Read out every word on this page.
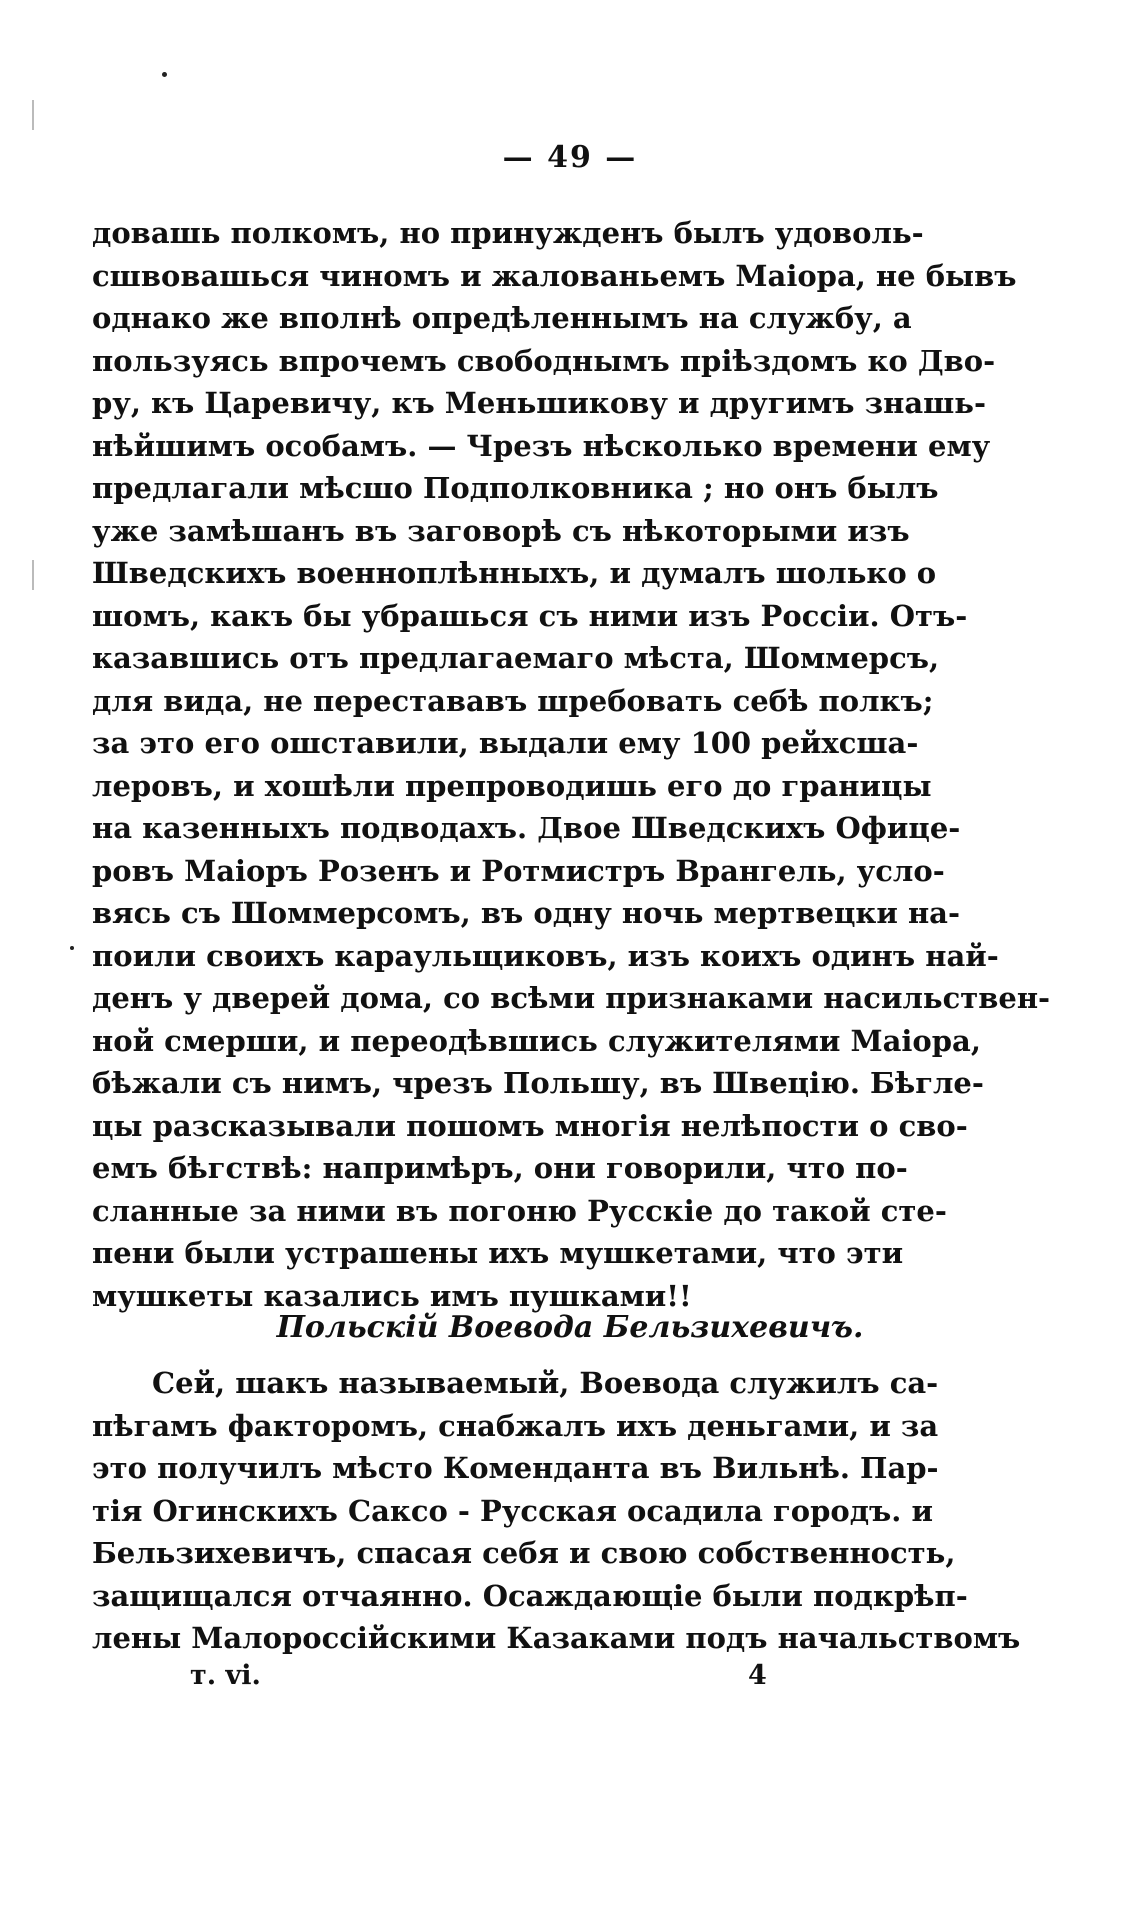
— 49 —
довашь полкомъ, но принужденъ былъ удоволь-
сшвовашься чиномъ и жалованьемъ Маiора, не бывъ
однако же вполнѣ опредѣленнымъ на службу, а
пользуясь впрочемъ свободнымъ прiѣздомъ ко Дво-
ру, къ Царевичу, къ Меньшикову и другимъ знашь-
нѣйшимъ особамъ. — Чрезъ нѣсколько времени ему
предлагали мѣсшо Подполковника ; но онъ былъ
уже замѣшанъ въ заговорѣ съ нѣкоторыми изъ
Шведскихъ военноплѣнныхъ, и думалъ шолько о
шомъ, какъ бы убрашься съ ними изъ Россiи. Отъ-
казавшись отъ предлагаемаго мѣста, Шоммерсъ,
для вида, не перестававъ шребовать себѣ полкъ;
за это его ошставили, выдали ему 100 рейхсша-
леровъ, и хошѣли препроводишь его до границы
на казенныхъ подводахъ. Двое Шведскихъ Офице-
ровъ Маiоръ Розенъ и Ротмистръ Врангель, усло-
вясь съ Шоммерсомъ, въ одну ночь мертвецки на-
поили своихъ караульщиковъ, изъ коихъ одинъ най-
денъ у дверей дома, со всѣми признаками насильствен-
ной смерши, и переодѣвшись служителями Маiора,
бѣжали съ нимъ, чрезъ Польшу, въ Швецiю. Бѣгле-
цы разсказывали пошомъ многiя нелѣпости о сво-
емъ бѣгствѣ: напримѣръ, они говорили, что по-
сланные за ними въ погоню Русскiе до такой сте-
пени были устрашены ихъ мушкетами, что эти
мушкеты казались имъ пушками!!
Польскiй Воевода Бельзихевичъ.
Сей, шакъ называемый, Воевода служилъ са-
пѣгамъ факторомъ, снабжалъ ихъ деньгами, и за
это получилъ мѣсто Коменданта въ Вильнѣ. Пар-
тiя Огинскихъ Саксо - Русская осадила городъ. и
Бельзихевичъ, спасая себя и свою собственность,
защищался отчаянно. Осаждающiе были подкрѣп-
лены Малороссiйскими Казаками подъ начальствомъ
т. vi.	4
